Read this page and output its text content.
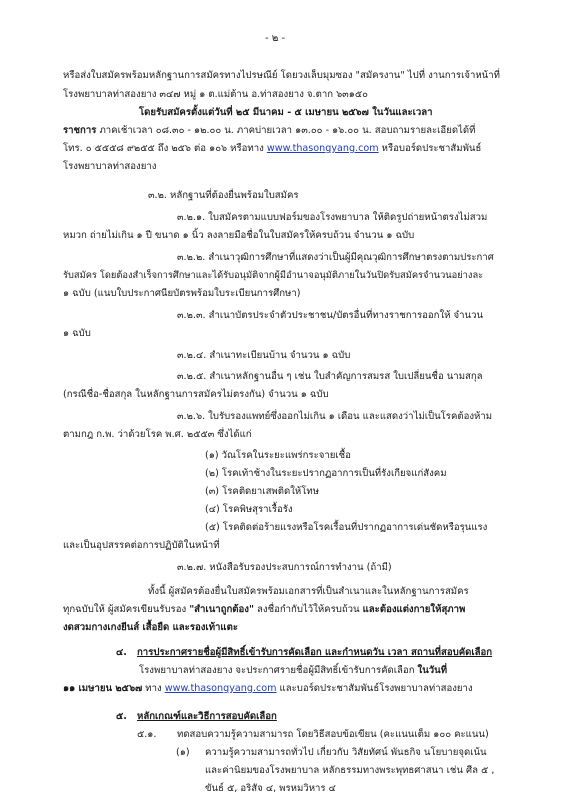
- ๒ -
หรือส่งใบสมัครพร้อมหลักฐานการสมัครทางไปรษณีย์ โดยวงเล็บมุมซอง "สมัครงาน" ไปที่ งานการเจ้าหน้าที่
โรงพยาบาลท่าสองยาง ๓๔๗ หมู่ ๑ ต.แม่ต้าน อ.ท่าสองยาง จ.ตาก ๖๓๑๕๐
โดยรับสมัครตั้งแต่วันที่ ๒๕ มีนาคม - ๕ เมษายน ๒๕๖๗ ในวันและเวลา
ราชการ ภาคเช้าเวลา ๐๘.๓๐ - ๑๒.๐๐ น. ภาคบ่ายเวลา ๑๓.๐๐ - ๑๖.๐๐ น. สอบถามรายละเอียดได้ที่
โทร. ๐ ๕๕๕๘ ๙๒๕๕ ถึง ๒๕๖ ต่อ ๑๐๖ หรือทาง www.thasongyang.com หรือบอร์ดประชาสัมพันธ์
โรงพยาบาลท่าสองยาง
๓.๒. หลักฐานที่ต้องยื่นพร้อมใบสมัคร
๓.๒.๑. ใบสมัครตามแบบฟอร์มของโรงพยาบาล ให้ติดรูปถ่ายหน้าตรงไม่สวม
หมวก ถ่ายไม่เกิน ๑ ปี ขนาด ๑ นิ้ว ลงลายมือชื่อในใบสมัครให้ครบถ้วน จำนวน ๑ ฉบับ
๓.๒.๒. สำเนาวุฒิการศึกษาที่แสดงว่าเป็นผู้มีคุณวุฒิการศึกษาตรงตามประกาศ
รับสมัคร โดยต้องสำเร็จการศึกษาและได้รับอนุมัติจากผู้มีอำนาจอนุมัติภายในวันปิดรับสมัครจำนวนอย่างละ
๑ ฉบับ (แนบใบประกาศนียบัตรพร้อมใบระเบียนการศึกษา)
๓.๒.๓. สำเนาบัตรประจำตัวประชาชน/บัตรอื่นที่ทางราชการออกให้ จำนวน
๑ ฉบับ
๓.๒.๔. สำเนาทะเบียนบ้าน จำนวน ๑ ฉบับ
๓.๒.๕. สำเนาหลักฐานอื่น ๆ เช่น ใบสำคัญการสมรส ใบเปลี่ยนชื่อ นามสกุล
(กรณีชื่อ-ชื่อสกุล ในหลักฐานการสมัครไม่ตรงกัน) จำนวน ๑ ฉบับ
๓.๒.๖. ใบรับรองแพทย์ซึ่งออกไม่เกิน ๑ เดือน และแสดงว่าไม่เป็นโรคต้องห้าม
ตามกฎ ก.พ. ว่าด้วยโรค พ.ศ. ๒๕๕๓ ซึ่งได้แก่
(๑) วัณโรคในระยะแพร่กระจายเชื้อ
(๒) โรคเท้าช้างในระยะปรากฏอาการเป็นที่รังเกียจแก่สังคม
(๓) โรคติดยาเสพติดให้โทษ
(๔) โรคพิษสุราเรื้อรัง
(๕) โรคติดต่อร้ายแรงหรือโรคเรื้อนที่ปรากฏอาการเด่นชัดหรือรุนแรง
และเป็นอุปสรรคต่อการปฏิบัติในหน้าที่
๓.๒.๗. หนังสือรับรองประสบการณ์การทำงาน (ถ้ามี)
ทั้งนี้ ผู้สมัครต้องยื่นใบสมัครพร้อมเอกสารที่เป็นสำเนาและในหลักฐานการสมัคร
ทุกฉบับให้ ผู้สมัครเขียนรับรอง "สำเนาถูกต้อง" ลงชื่อกำกับไว้ให้ครบถ้วน และต้องแต่งกายให้สุภาพ
งดสวมกางเกงยีนส์ เสื้อยืด และรองเท้าแตะ
๔. การประกาศรายชื่อผู้มีสิทธิ์เข้ารับการคัดเลือก และกำหนดวัน เวลา สถานที่สอบคัดเลือก
โรงพยาบาลท่าสองยาง จะประกาศรายชื่อผู้มีสิทธิ์เข้ารับการคัดเลือก ในวันที่
๑๑ เมษายน ๒๕๖๗ ทาง www.thasongyang.com และบอร์ดประชาสัมพันธ์โรงพยาบาลท่าสองยาง
๕. หลักเกณฑ์และวิธีการสอบคัดเลือก
๕.๑. ทดสอบความรู้ความสามารถ โดยวิธีสอบข้อเขียน (คะแนนเต็ม ๑๐๐ คะแนน)
(๑) ความรู้ความสามารถทั่วไป เกี่ยวกับ วิสัยทัศน์ พันธกิจ นโยบายจุดเน้น
และค่านิยมของโรงพยาบาล หลักธรรมทางพระพุทธศาสนา เช่น ศีล ๕ ,
ขันธ์ ๕, อริสัจ ๔, พรหมวิหาร ๔
